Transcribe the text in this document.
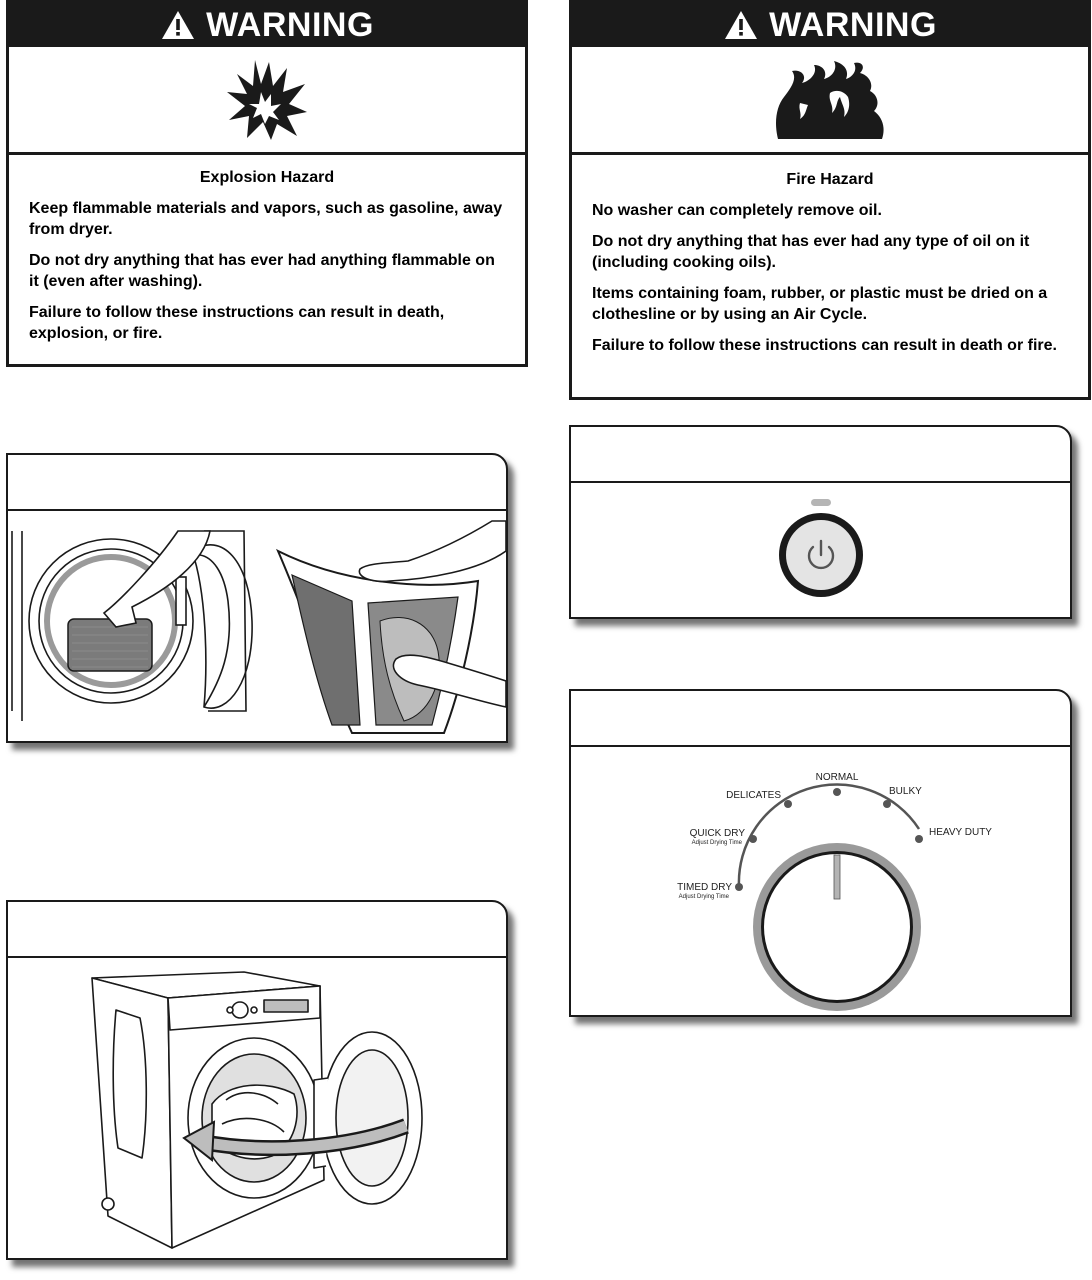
WARNING
Explosion Hazard

Keep flammable materials and vapors, such as gasoline, away from dryer.

Do not dry anything that has ever had anything flammable on it (even after washing).

Failure to follow these instructions can result in death, explosion, or fire.

WARNING
Fire Hazard

No washer can completely remove oil.

Do not dry anything that has ever had any type of oil on it (including cooking oils).

Items containing foam, rubber, or plastic must be dried on a clothesline or by using an Air Cycle.

Failure to follow these instructions can result in death or fire.

NORMAL
DELICATES	BULKY
QUICK DRY
Adjust Drying Time
HEAVY DUTY
TIMED DRY
Adjust Drying Time
